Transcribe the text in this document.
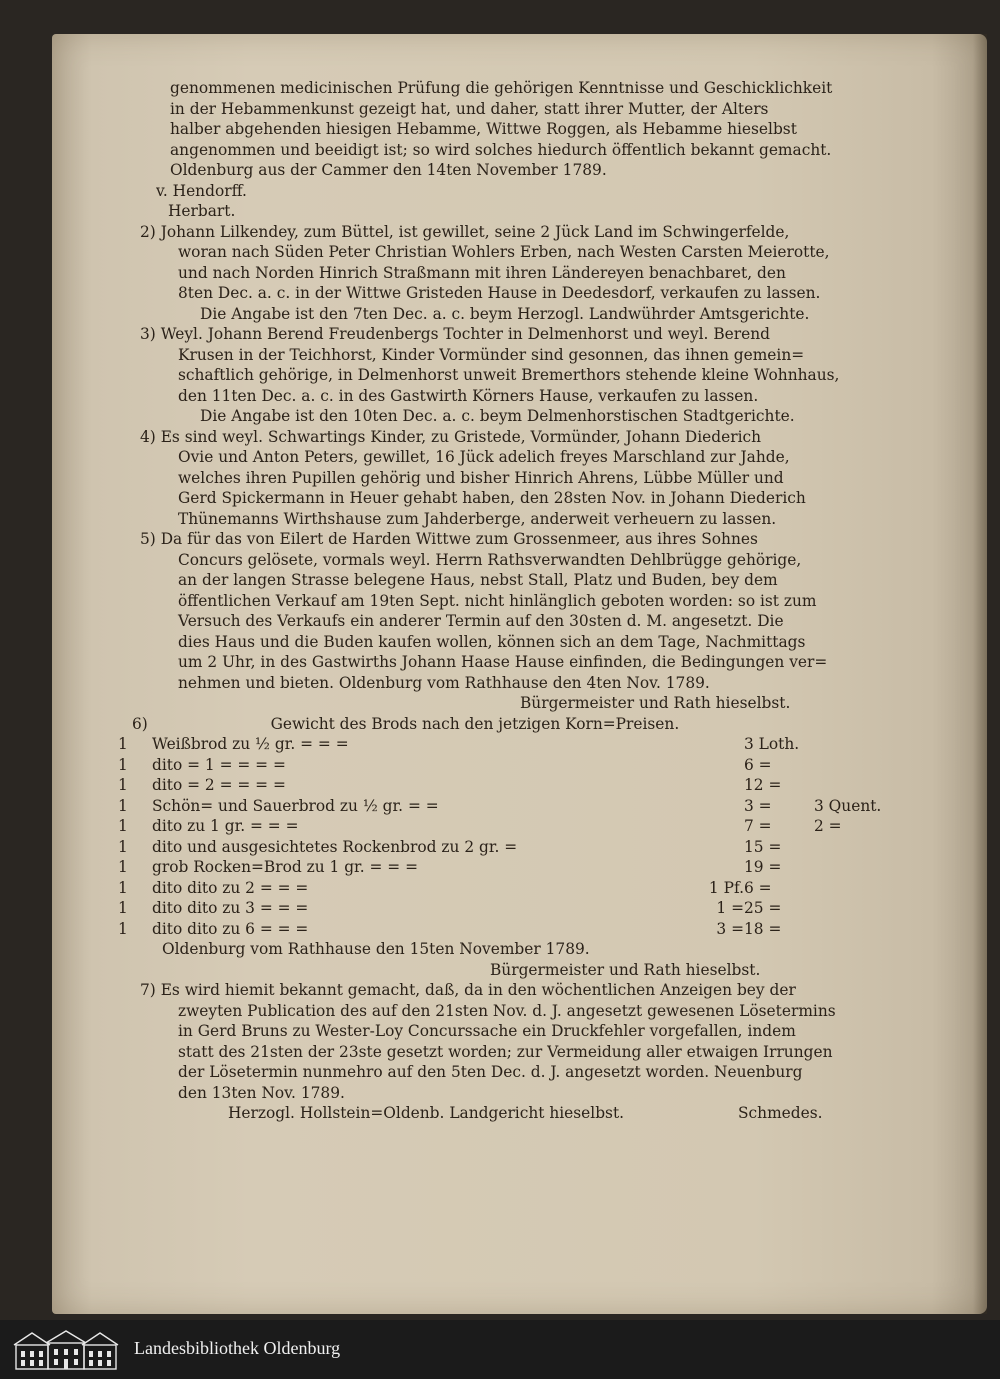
genommenen medicinischen Prüfung die gehörigen Kenntnisse und Geschicklichkeit
in der Hebammenkunst gezeigt hat, und daher, statt ihrer Mutter, der Alters
halber abgehenden hiesigen Hebamme, Wittwe Roggen, als Hebamme hieselbst
angenommen und beeidigt ist; so wird solches hiedurch öffentlich bekannt gemacht.
Oldenburg aus der Cammer den 14ten November 1789.
v. Hendorff.
Herbart.
2) Johann Lilkendey, zum Büttel, ist gewillet, seine 2 Jück Land im Schwingerfelde,
woran nach Süden Peter Christian Wohlers Erben, nach Westen Carsten Meierotte,
und nach Norden Hinrich Straßmann mit ihren Ländereyen benachbaret, den
8ten Dec. a. c. in der Wittwe Gristeden Hause in Deedesdorf, verkaufen zu lassen.
Die Angabe ist den 7ten Dec. a. c. beym Herzogl. Landwührder Amtsgerichte.
3) Weyl. Johann Berend Freudenbergs Tochter in Delmenhorst und weyl. Berend
Krusen in der Teichhorst, Kinder Vormünder sind gesonnen, das ihnen gemein=
schaftlich gehörige, in Delmenhorst unweit Bremerthors stehende kleine Wohnhaus,
den 11ten Dec. a. c. in des Gastwirth Körners Hause, verkaufen zu lassen.
Die Angabe ist den 10ten Dec. a. c. beym Delmenhorstischen Stadtgerichte.
4) Es sind weyl. Schwartings Kinder, zu Gristede, Vormünder, Johann Diederich
Ovie und Anton Peters, gewillet, 16 Jück adelich freyes Marschland zur Jahde,
welches ihren Pupillen gehörig und bisher Hinrich Ahrens, Lübbe Müller und
Gerd Spickermann in Heuer gehabt haben, den 28sten Nov. in Johann Diederich
Thünemanns Wirthshause zum Jahderberge, anderweit verheuern zu lassen.
5) Da für das von Eilert de Harden Wittwe zum Grossenmeer, aus ihres Sohnes
Concurs gelösete, vormals weyl. Herrn Rathsverwandten Dehlbrügge gehörige,
an der langen Strasse belegene Haus, nebst Stall, Platz und Buden, bey dem
öffentlichen Verkauf am 19ten Sept. nicht hinlänglich geboten worden: so ist zum
Versuch des Verkaufs ein anderer Termin auf den 30sten d. M. angesetzt. Die
dies Haus und die Buden kaufen wollen, können sich an dem Tage, Nachmittags
um 2 Uhr, in des Gastwirths Johann Haase Hause einfinden, die Bedingungen ver=
nehmen und bieten. Oldenburg vom Rathhause den 4ten Nov. 1789.
Bürgermeister und Rath hieselbst.
6)	Gewicht des Brods nach den jetzigen Korn=Preisen.
1	Weißbrod zu ½ gr. = = =		3 Loth.	
1	dito = 1 = = = =		6 =	
1	dito = 2 = = = =		12 =	
1	Schön= und Sauerbrod zu ½ gr. = =		3 =	3 Quent.
1	dito zu 1 gr. = = =		7 =	2 =
1	dito und ausgesichtetes Rockenbrod zu 2 gr. =		15 =	
1	grob Rocken=Brod zu 1 gr. = = =		19 =	
1	dito dito zu 2 = = =	1 Pf.	6 =	
1	dito dito zu 3 = = =	1 =	25 =	
1	dito dito zu 6 = = =	3 =	18 =	
Oldenburg vom Rathhause den 15ten November 1789.
Bürgermeister und Rath hieselbst.
7) Es wird hiemit bekannt gemacht, daß, da in den wöchentlichen Anzeigen bey der
zweyten Publication des auf den 21sten Nov. d. J. angesetzt gewesenen Lösetermins
in Gerd Bruns zu Wester-Loy Concurssache ein Druckfehler vorgefallen, indem
statt des 21sten der 23ste gesetzt worden; zur Vermeidung aller etwaigen Irrungen
der Lösetermin nunmehro auf den 5ten Dec. d. J. angesetzt worden. Neuenburg
den 13ten Nov. 1789.
Herzogl. Hollstein=Oldenb. Landgericht hieselbst.	Schmedes.
Landesbibliothek Oldenburg
